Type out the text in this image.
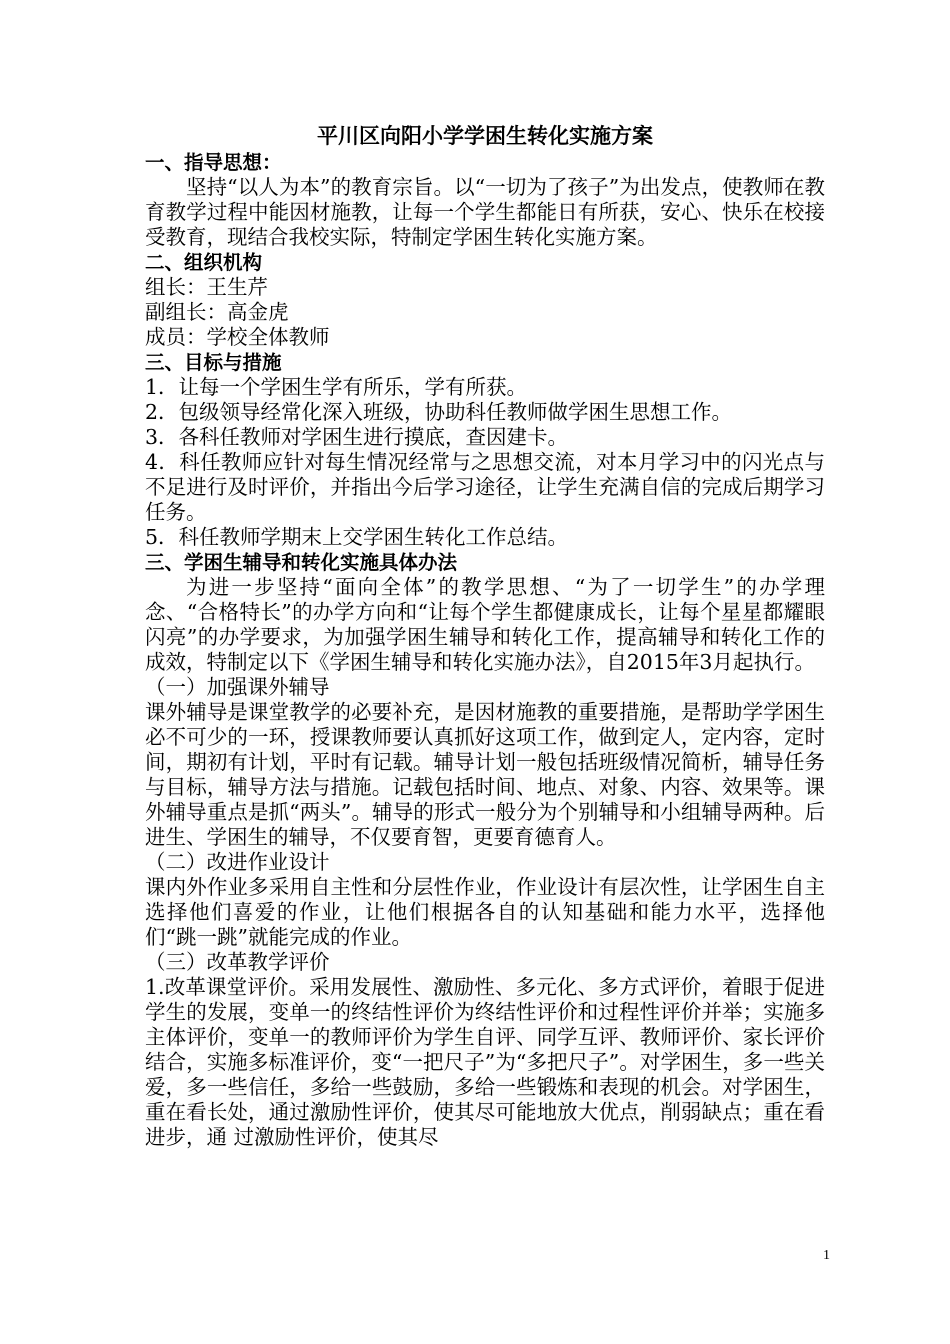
平川区向阳小学学困生转化实施方案
一、指导思想：

坚持“以人为本”的教育宗旨。以“一切为了孩子”为出发点，使教师在教育教学过程中能因材施教，让每一个学生都能日有所获，安心、快乐在校接受教育，现结合我校实际，特制定学困生转化实施方案。

二、组织机构

组长：王生芹

副组长：高金虎

成员：学校全体教师

三、目标与措施

1．让每一个学困生学有所乐，学有所获。

2．包级领导经常化深入班级，协助科任教师做学困生思想工作。

3．各科任教师对学困生进行摸底，查因建卡。

4．科任教师应针对每生情况经常与之思想交流，对本月学习中的闪光点与不足进行及时评价，并指出今后学习途径，让学生充满自信的完成后期学习任务。

5．科任教师学期末上交学困生转化工作总结。

三、学困生辅导和转化实施具体办法

为进一步坚持“面向全体”的教学思想、“为了一切学生”的办学理念、“合格特长”的办学方向和“让每个学生都健康成长，让每个星星都耀眼闪亮”的办学要求，为加强学困生辅导和转化工作，提高辅导和转化工作的成效，特制定以下《学困生辅导和转化实施办法》，自2015年3月起执行。

（一）加强课外辅导

课外辅导是课堂教学的必要补充，是因材施教的重要措施，是帮助学学困生必不可少的一环，授课教师要认真抓好这项工作，做到定人，定内容，定时间，期初有计划，平时有记载。辅导计划一般包括班级情况简析，辅导任务与目标，辅导方法与措施。记载包括时间、地点、对象、内容、效果等。课外辅导重点是抓“两头”。辅导的形式一般分为个别辅导和小组辅导两种。后进生、学困生的辅导，不仅要育智，更要育德育人。

（二）改进作业设计

课内外作业多采用自主性和分层性作业，作业设计有层次性，让学困生自主选择他们喜爱的作业，让他们根据各自的认知基础和能力水平，选择他们“跳一跳”就能完成的作业。

（三）改革教学评价

1.改革课堂评价。采用发展性、激励性、多元化、多方式评价，着眼于促进学生的发展，变单一的终结性评价为终结性评价和过程性评价并举；实施多主体评价，变单一的教师评价为学生自评、同学互评、教师评价、家长评价结合，实施多标准评价，变“一把尺子”为“多把尺子”。对学困生，多一些关爱，多一些信任，多给一些鼓励，多给一些锻炼和表现的机会。对学困生，重在看长处，通过激励性评价，使其尽可能地放大优点，削弱缺点；重在看进步，通 过激励性评价，使其尽

1
